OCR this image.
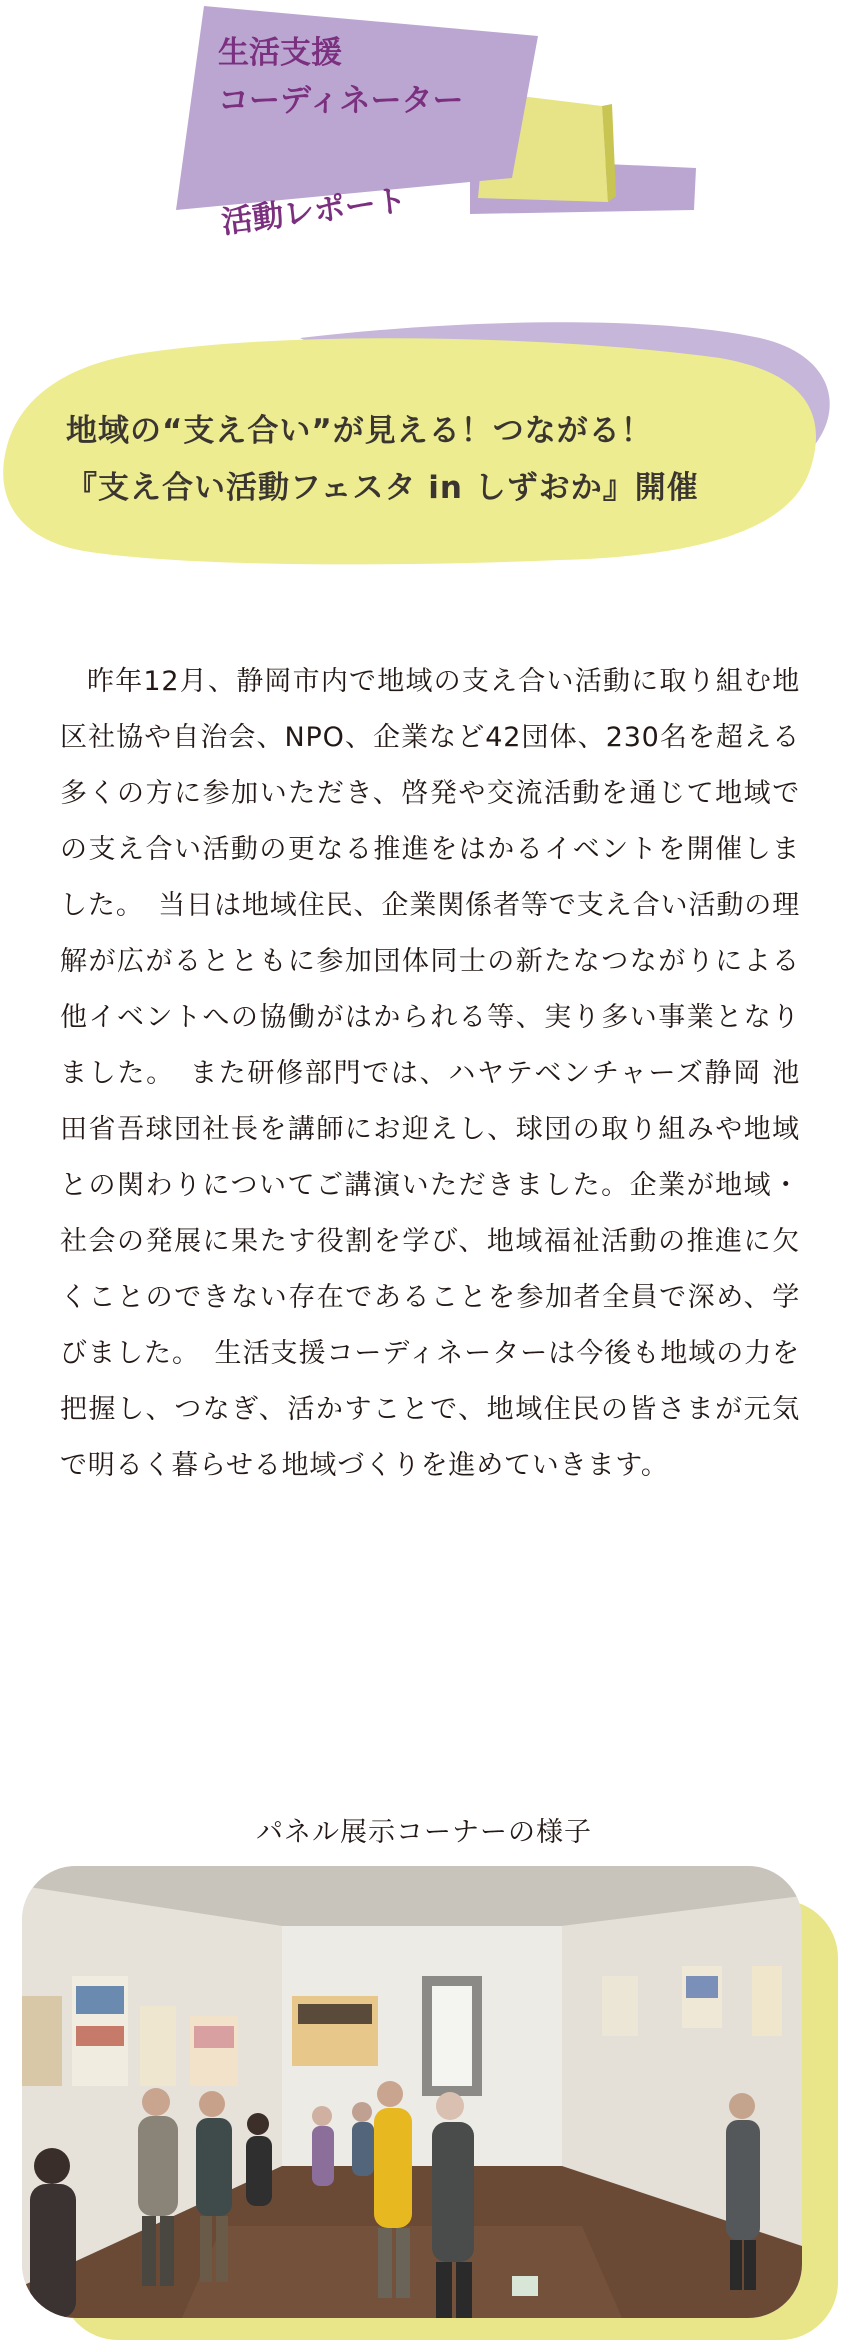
生活支援
コーディネーター
活動レポート
地域の“支え合い”が見える！つながる！
『支え合い活動フェスタ in しずおか』開催

昨年12月、静岡市内で地域の支え合い活動に取り組む地区社協や自治会、NPO、企業など42団体、230名を超える多くの方に参加いただき、啓発や交流活動を通じて地域での支え合い活動の更なる推進をはかるイベントを開催しました。　当日は地域住民、企業関係者等で支え合い活動の理解が広がるとともに参加団体同士の新たなつながりによる他イベントへの協働がはかられる等、実り多い事業となりました。　また研修部門では、ハヤテベンチャーズ静岡 池田省吾球団社長を講師にお迎えし、球団の取り組みや地域との関わりについてご講演いただきました。企業が地域・社会の発展に果たす役割を学び、地域福祉活動の推進に欠くことのできない存在であることを参加者全員で深め、学びました。　生活支援コーディネーターは今後も地域の力を把握し、つなぎ、活かすことで、地域住民の皆さまが元気で明るく暮らせる地域づくりを進めていきます。

パネル展示コーナーの様子
